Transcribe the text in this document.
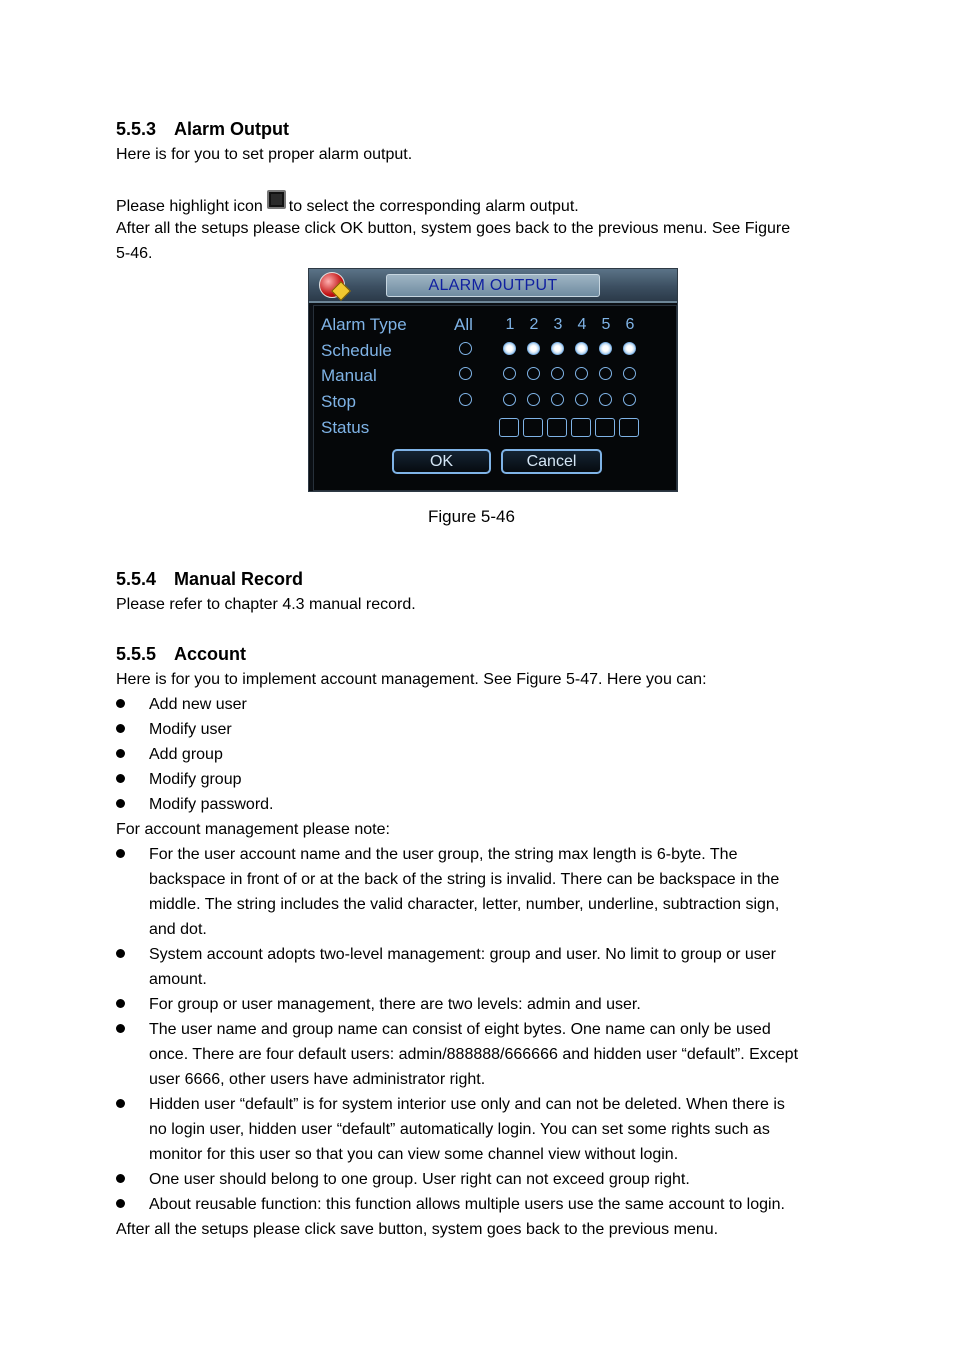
5.5.3 Alarm Output
Here is for you to set proper alarm output.
Please highlight icon to select the corresponding alarm output.
After all the setups please click OK button, system goes back to the previous menu. See Figure
5-46.
ALARM OUTPUT
Alarm Type
Schedule
Manual
Stop
Status
All 1 2 3 4 5 6
OK	Cancel
Figure 5-46
5.5.4 Manual Record
Please refer to chapter 4.3 manual record.
5.5.5 Account
Here is for you to implement account management. See Figure 5-47. Here you can:
Add new user
Modify user
Add group
Modify group
Modify password.
For account management please note:
For the user account name and the user group, the string max length is 6-byte. The
backspace in front of or at the back of the string is invalid. There can be backspace in the
middle. The string includes the valid character, letter, number, underline, subtraction sign,
and dot.
System account adopts two-level management: group and user. No limit to group or user
amount.
For group or user management, there are two levels: admin and user.
The user name and group name can consist of eight bytes. One name can only be used
once. There are four default users: admin/888888/666666 and hidden user “default”. Except
user 6666, other users have administrator right.
Hidden user “default” is for system interior use only and can not be deleted. When there is
no login user, hidden user “default” automatically login. You can set some rights such as
monitor for this user so that you can view some channel view without login.
One user should belong to one group. User right can not exceed group right.
About reusable function: this function allows multiple users use the same account to login.
After all the setups please click save button, system goes back to the previous menu.
